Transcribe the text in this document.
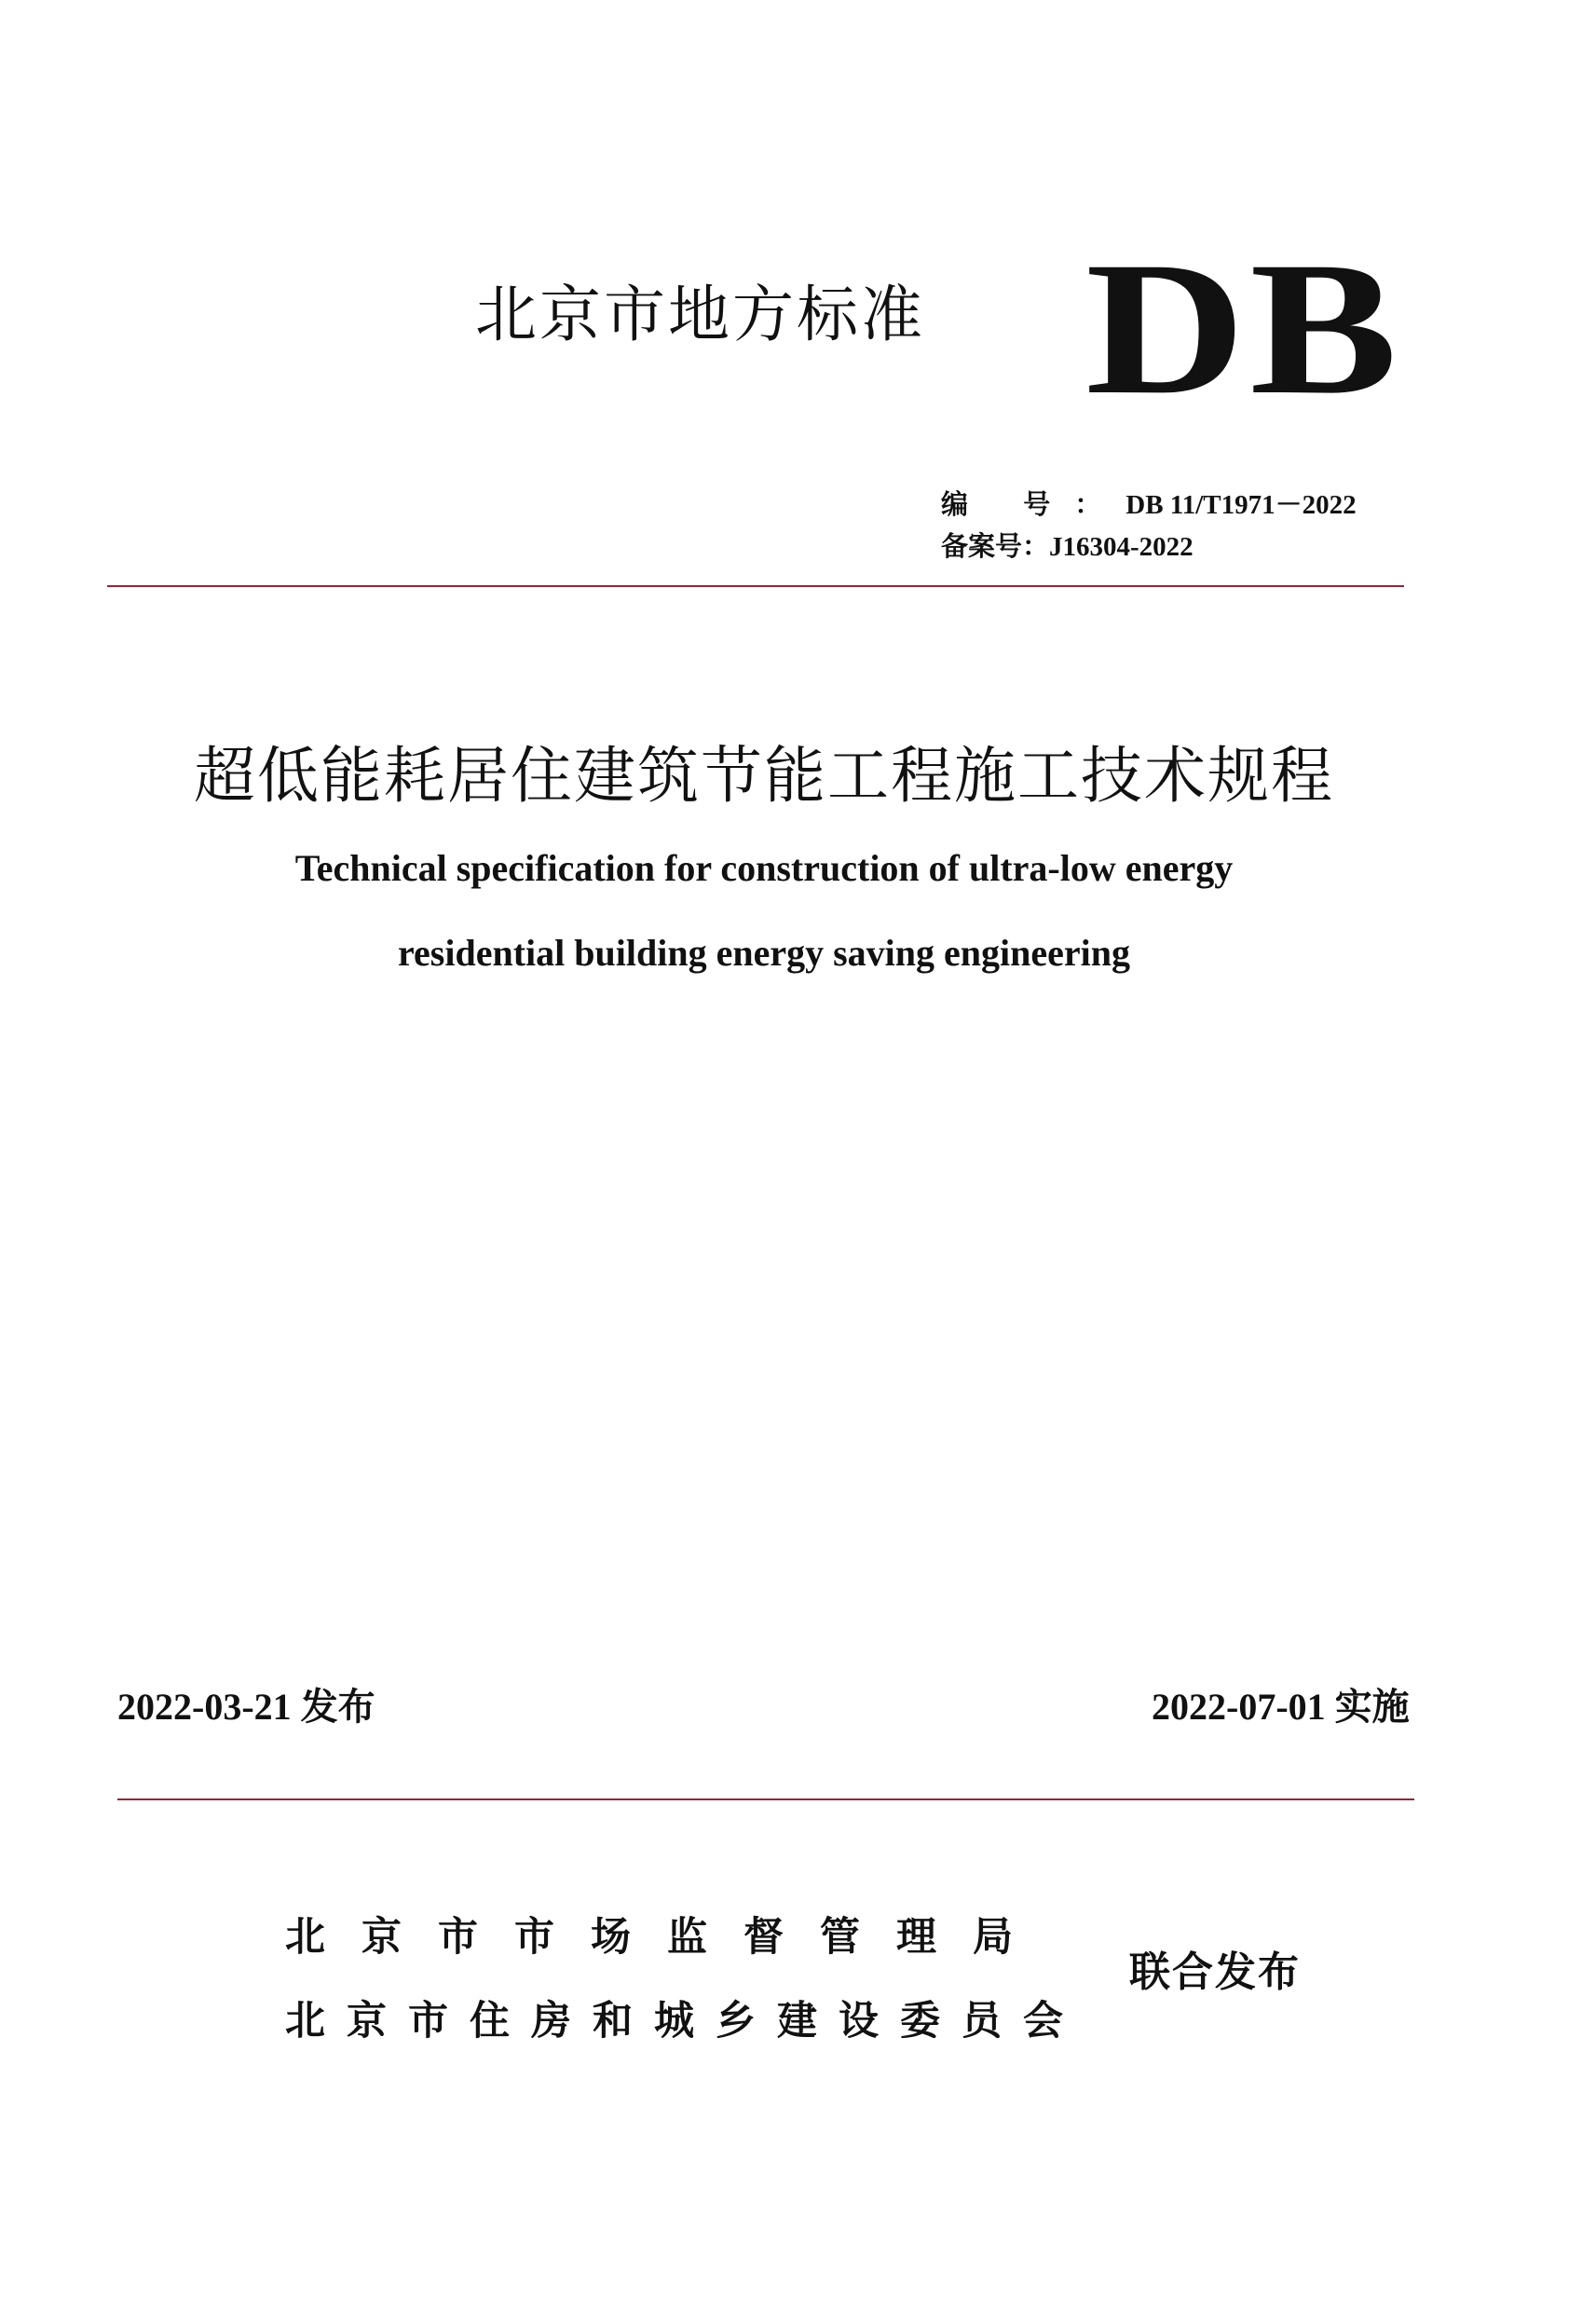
北京市地方标准 DB
编 号：DB 11/T1971－2022
备案号：J16304-2022
超低能耗居住建筑节能工程施工技术规程
Technical specification for construction of ultra-low energy
residential building energy saving engineering
2022-03-21 发布	2022-07-01 实施
北京市市场监督管理局
北京市住房和城乡建设委员会
联合发布
